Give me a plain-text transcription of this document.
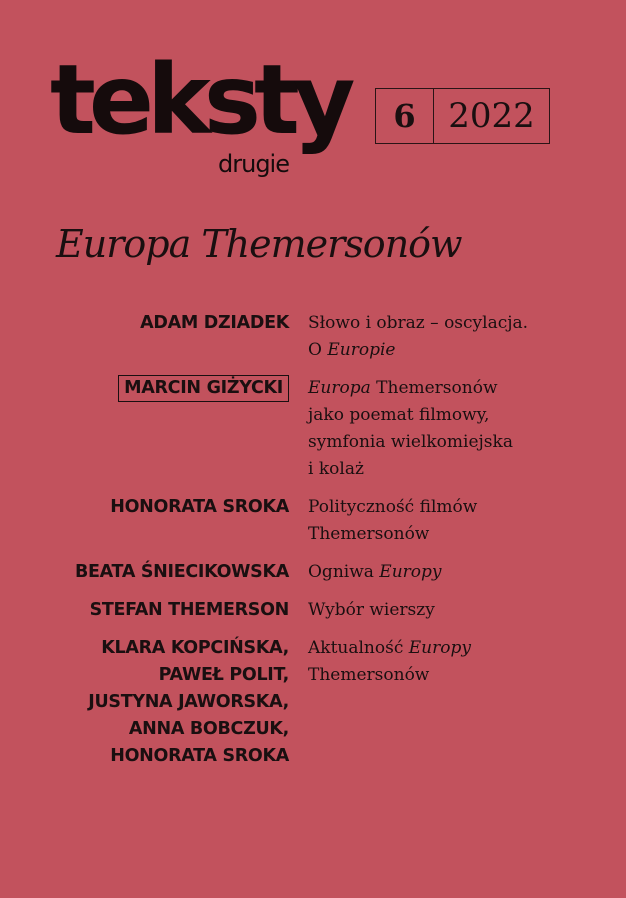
teksty
drugie
6 2022
Europa Themersonów
ADAM DZIADEK Słowo i obraz – oscylacja.
O Europie
MARCIN GIŻYCKI	Europa Themersonów
jako poemat filmowy,
symfonia wielkomiejska
i kolaż
HONORATA SROKA Polityczność filmów
Themersonów
BEATA ŚNIECIKOWSKA Ogniwa Europy
STEFAN THEMERSON Wybór wierszy
KLARA KOPCIŃSKA,
PAWEŁ POLIT,
JUSTYNA JAWORSKA,
ANNA BOBCZUK,
HONORATA SROKA
Aktualność Europy
Themersonów
